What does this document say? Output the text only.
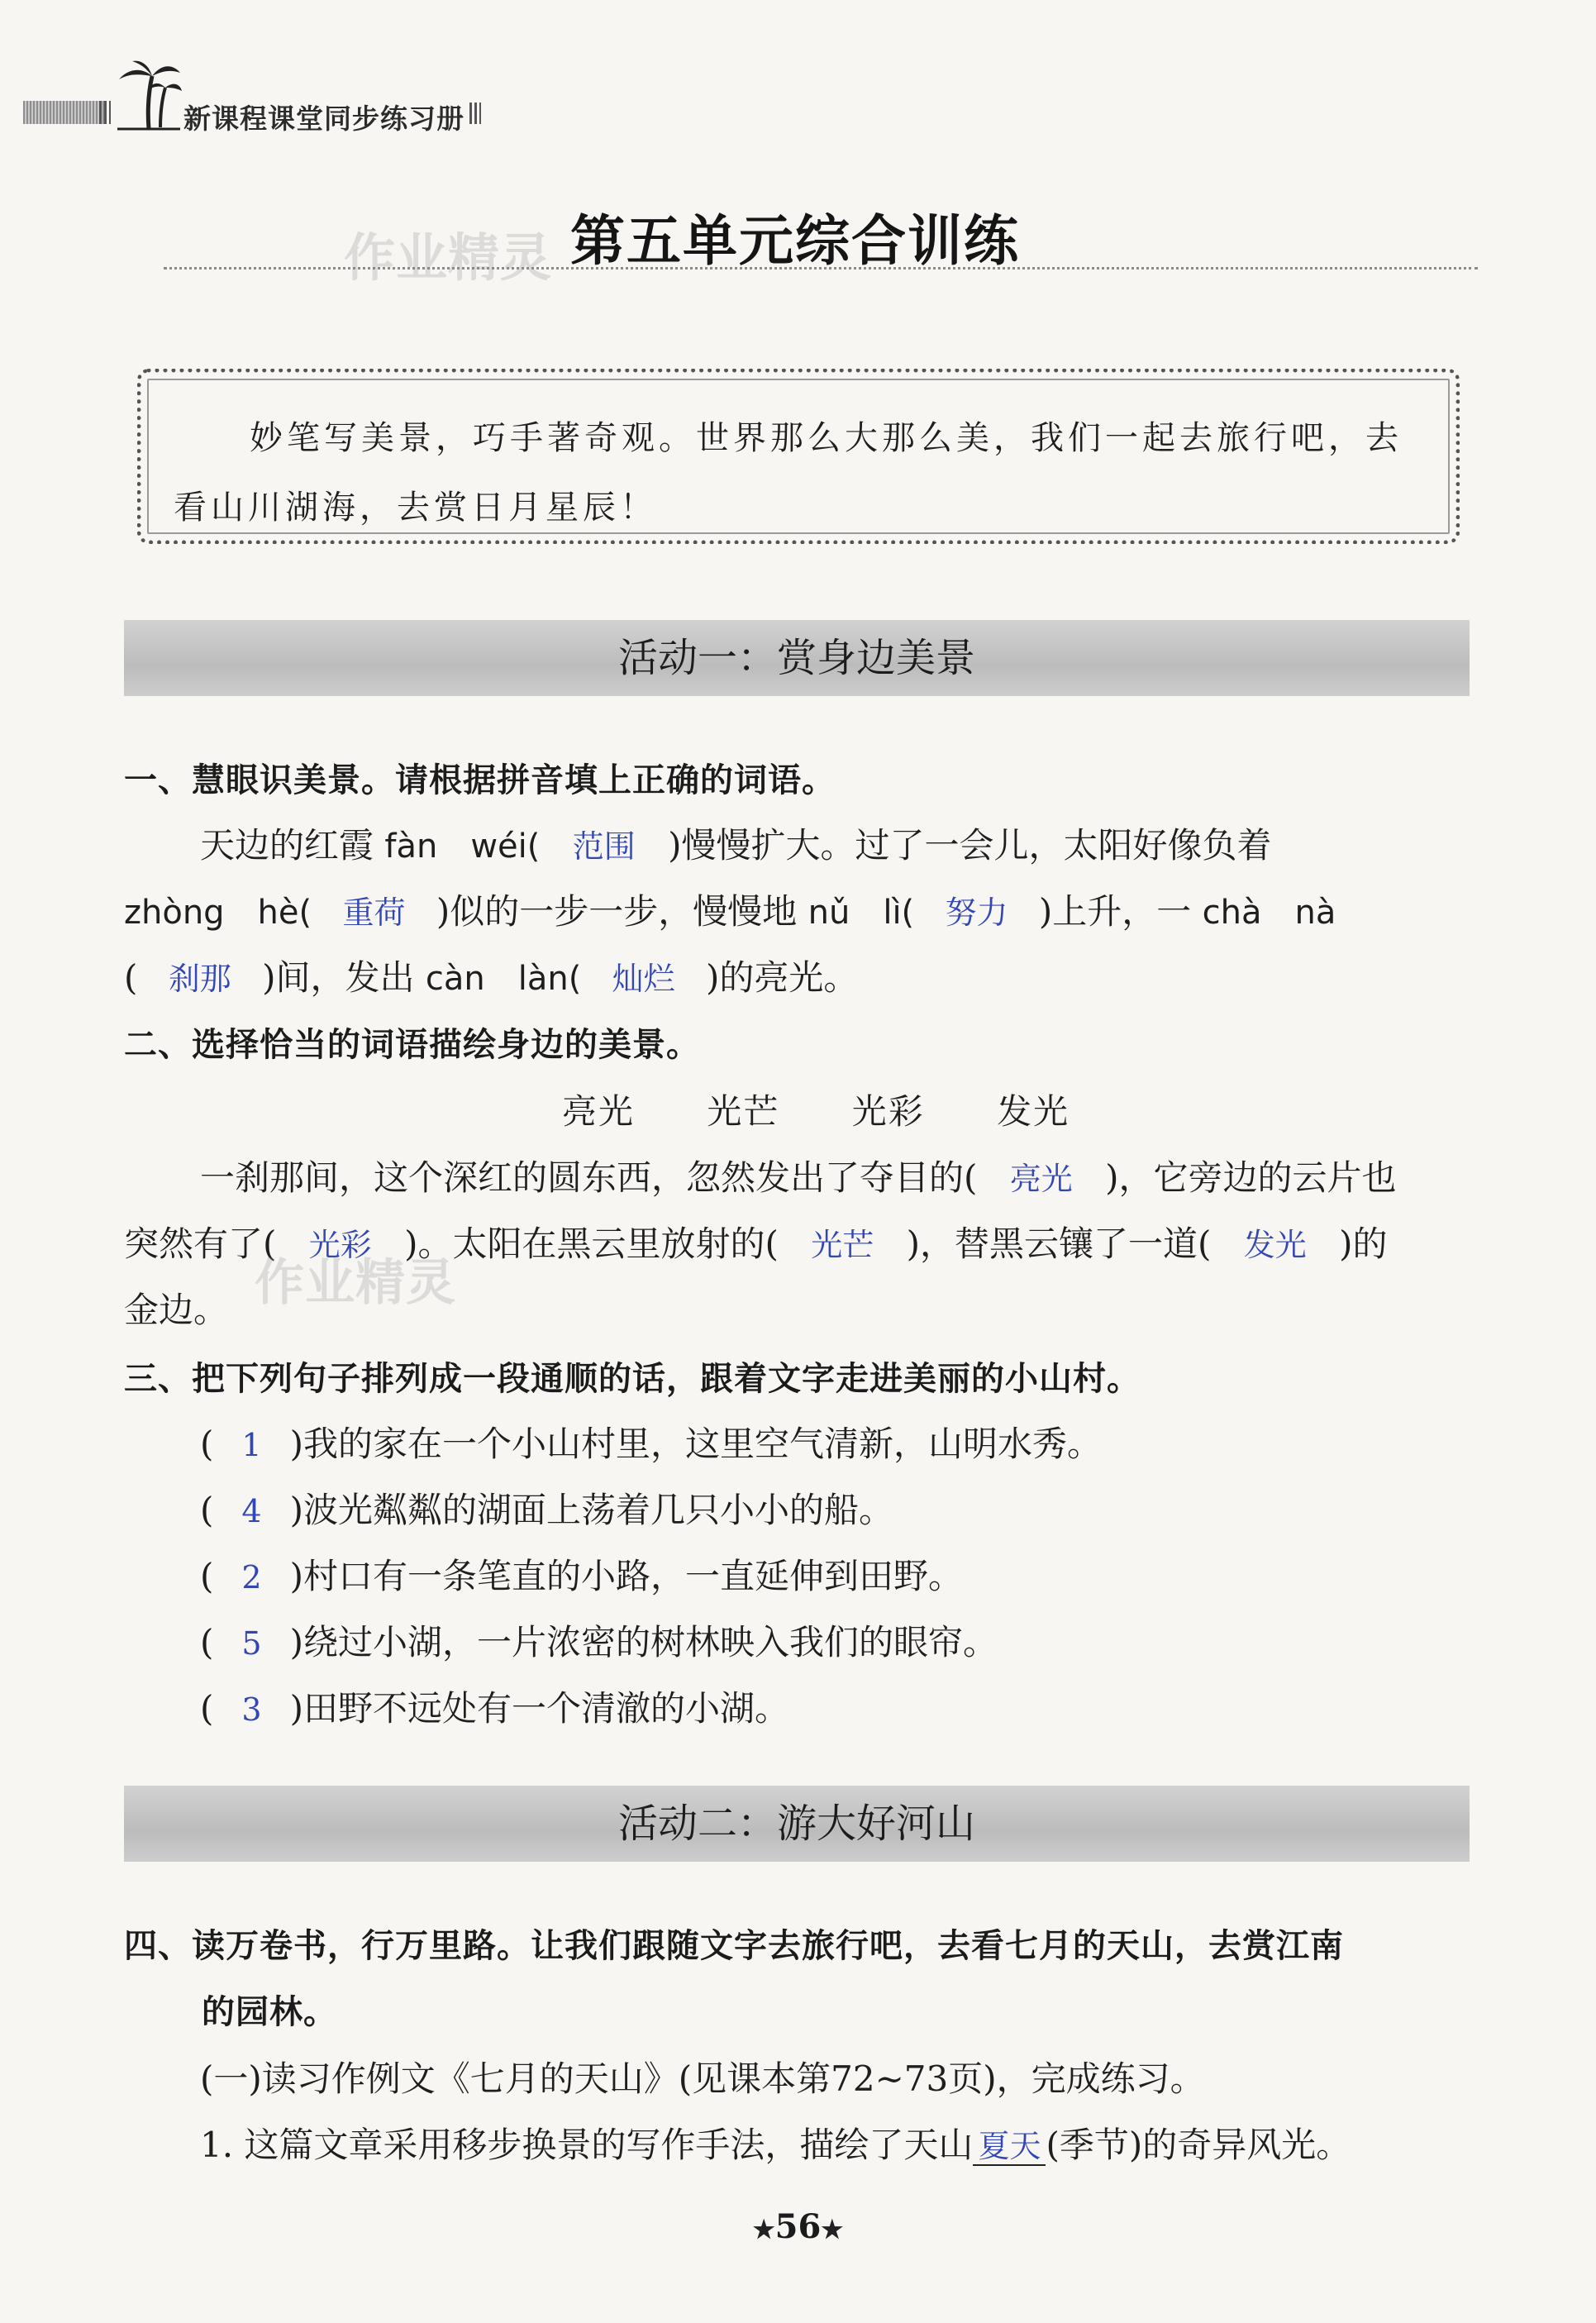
新课程课堂同步练习册
作业精灵 第五单元综合训练
妙笔写美景，巧手著奇观。世界那么大那么美，我们一起去旅行吧，去看山川湖海，去赏日月星辰！
活动一：赏身边美景
一、慧眼识美景。请根据拼音填上正确的词语。
天边的红霞 fàn　wéi( 范围 )慢慢扩大。过了一会儿，太阳好像负着
zhòng　hè( 重荷 )似的一步一步，慢慢地 nǔ　lì( 努力 )上升，一 chà　nà
( 刹那 )间，发出 càn　làn( 灿烂 )的亮光。
二、选择恰当的词语描绘身边的美景。
亮光 光芒 光彩 发光
一刹那间，这个深红的圆东西，忽然发出了夺目的( 亮光 )，它旁边的云片也
突然有了( 光彩 )。太阳在黑云里放射的( 光芒 )，替黑云镶了一道( 发光 )的
金边。 作业精灵
三、把下列句子排列成一段通顺的话，跟着文字走进美丽的小山村。
( 1 )我的家在一个小山村里，这里空气清新，山明水秀。
( 4 )波光粼粼的湖面上荡着几只小小的船。
( 2 )村口有一条笔直的小路，一直延伸到田野。
( 5 )绕过小湖，一片浓密的树林映入我们的眼帘。
( 3 )田野不远处有一个清澈的小湖。
活动二：游大好河山
四、读万卷书，行万里路。让我们跟随文字去旅行吧，去看七月的天山，去赏江南
的园林。
(一)读习作例文《七月的天山》(见课本第72~73页)，完成练习。
1. 这篇文章采用移步换景的写作手法，描绘了天山 夏天 (季节)的奇异风光。
★56★
